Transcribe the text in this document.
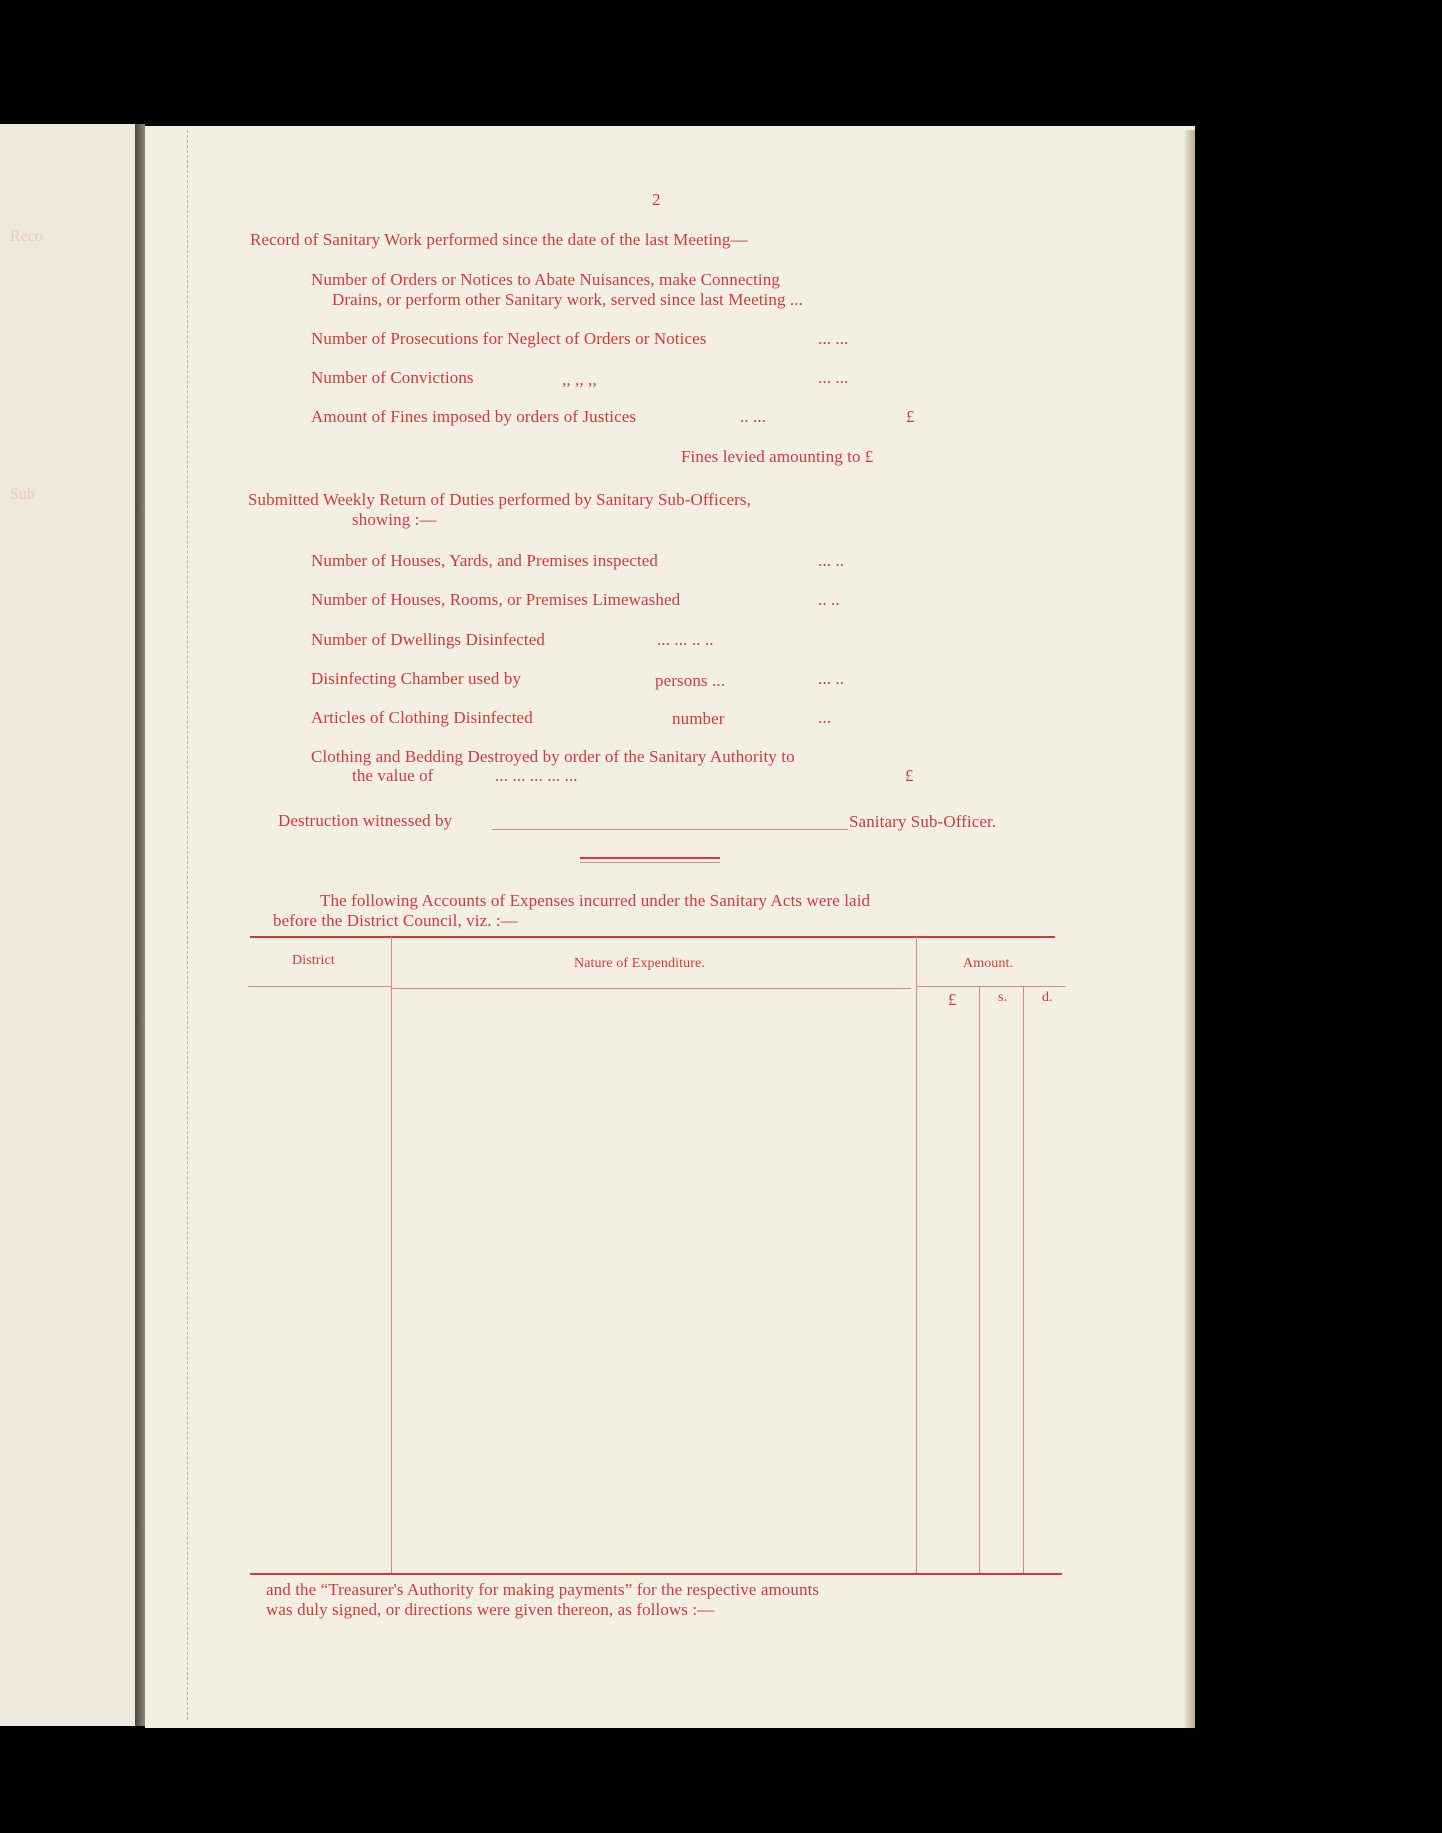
Reco
Sub
2
Record of Sanitary Work performed since the date of the last Meeting—
Number of Orders or Notices to Abate Nuisances, make Connecting
Drains, or perform other Sanitary work, served since last Meeting ...
Number of Prosecutions for Neglect of Orders or Notices	... ...
Number of Convictions	,, ,, ,,	... ...
Amount of Fines imposed by orders of Justices	.. ...	£
Fines levied amounting to £
Submitted Weekly Return of Duties performed by Sanitary Sub-Officers,
showing :—
Number of Houses, Yards, and Premises inspected	... ..
Number of Houses, Rooms, or Premises Limewashed	.. ..
Number of Dwellings Disinfected	... ... .. ..
Disinfecting Chamber used by	persons ...	... ..
Articles of Clothing Disinfected	number	...
Clothing and Bedding Destroyed by order of the Sanitary Authority to
the value of	... ... ... ... ...	£
Destruction witnessed by	Sanitary Sub-Officer.
The following Accounts of Expenses incurred under the Sanitary Acts were laid
before the District Council, viz. :—
District	Nature of Expenditure.	Amount.
£	s. d.
and the “Treasurer's Authority for making payments” for the respective amounts
was duly signed, or directions were given thereon, as follows :—
